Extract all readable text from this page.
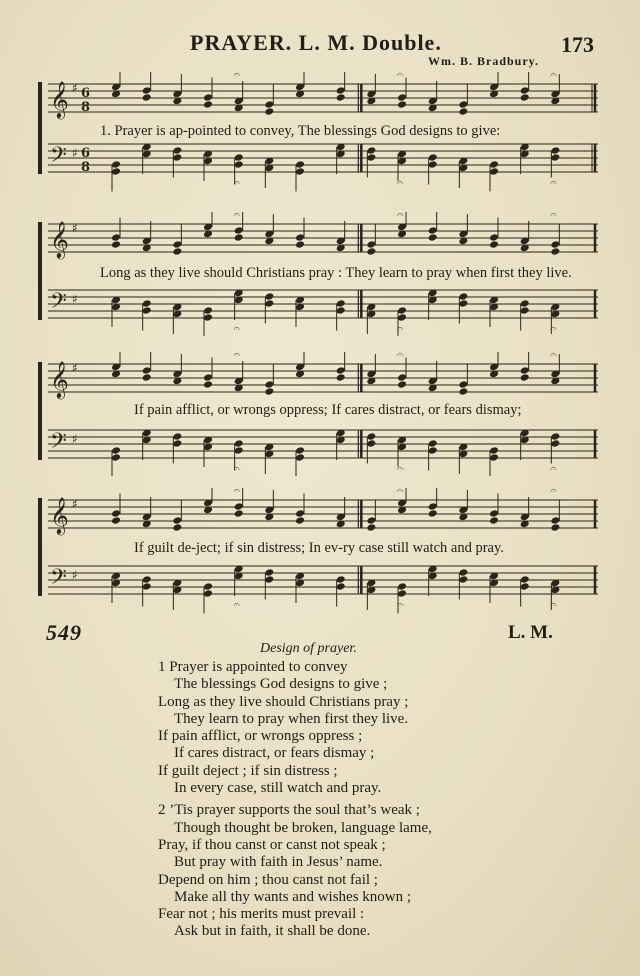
PRAYER. L. M. Double.	173
Wm. B. Bradbury.
𝄞 ♯ 6
8
𝄐	𝄐	𝄐
𝄢 ♯ 6
8
𝄐	𝄐	𝄐
1. Prayer is ap-pointed to convey, The blessings God designs to give:
𝄞 ♯
𝄐	𝄐	𝄐
𝄢 ♯
𝄐	𝄐	𝄐
Long as they live should Christians pray : They learn to pray when first they live.
𝄞 ♯
𝄐	𝄐	𝄐
𝄢 ♯
𝄐	𝄐	𝄐
If pain afflict, or wrongs oppress; If cares distract, or fears dismay;
𝄞 ♯
𝄐	𝄐	𝄐
𝄢 ♯
𝄐	𝄐	𝄐
If guilt de-ject; if sin distress; In ev-ry case still watch and pray.
549	L. M.
Design of prayer.
1 Prayer is appointed to convey
The blessings God designs to give ;
Long as they live should Christians pray ;
They learn to pray when first they live.
If pain afflict, or wrongs oppress ;
If cares distract, or fears dismay ;
If guilt deject ; if sin distress ;
In every case, still watch and pray.
2 ’Tis prayer supports the soul that’s weak ;
Though thought be broken, language lame,
Pray, if thou canst or canst not speak ;
But pray with faith in Jesus’ name.
Depend on him ; thou canst not fail ;
Make all thy wants and wishes known ;
Fear not ; his merits must prevail :
Ask but in faith, it shall be done.
